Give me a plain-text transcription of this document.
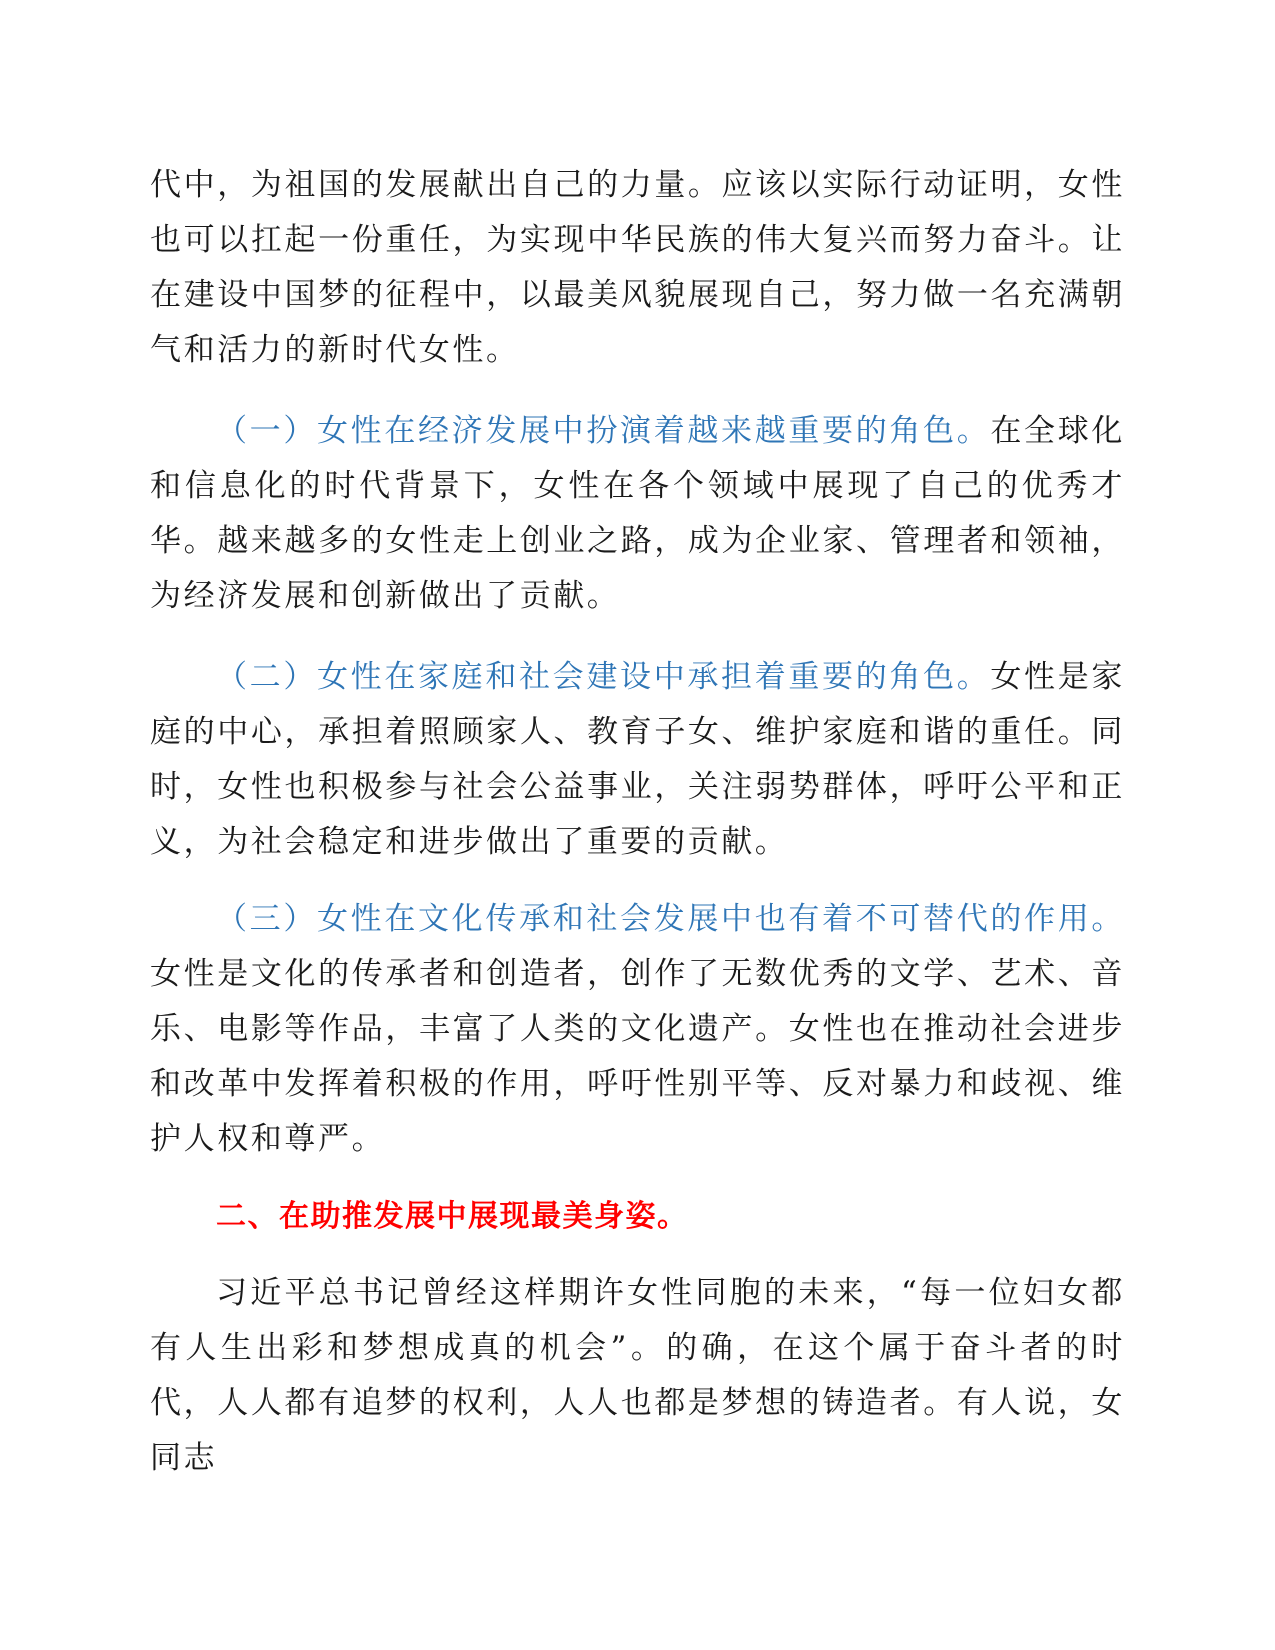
代中，为祖国的发展献出自己的力量。应该以实际行动证明，女性也可以扛起一份重任，为实现中华民族的伟大复兴而努力奋斗。让在建设中国梦的征程中，以最美风貌展现自己，努力做一名充满朝气和活力的新时代女性。

（一）女性在经济发展中扮演着越来越重要的角色。在全球化和信息化的时代背景下，女性在各个领域中展现了自己的优秀才华。越来越多的女性走上创业之路，成为企业家、管理者和领袖，为经济发展和创新做出了贡献。

（二）女性在家庭和社会建设中承担着重要的角色。女性是家庭的中心，承担着照顾家人、教育子女、维护家庭和谐的重任。同时，女性也积极参与社会公益事业，关注弱势群体，呼吁公平和正义，为社会稳定和进步做出了重要的贡献。

（三）女性在文化传承和社会发展中也有着不可替代的作用。女性是文化的传承者和创造者，创作了无数优秀的文学、艺术、音乐、电影等作品，丰富了人类的文化遗产。女性也在推动社会进步和改革中发挥着积极的作用，呼吁性别平等、反对暴力和歧视、维护人权和尊严。

二、在助推发展中展现最美身姿。

习近平总书记曾经这样期许女性同胞的未来，“每一位妇女都有人生出彩和梦想成真的机会”。的确，在这个属于奋斗者的时代，人人都有追梦的权利，人人也都是梦想的铸造者。有人说，女同志
